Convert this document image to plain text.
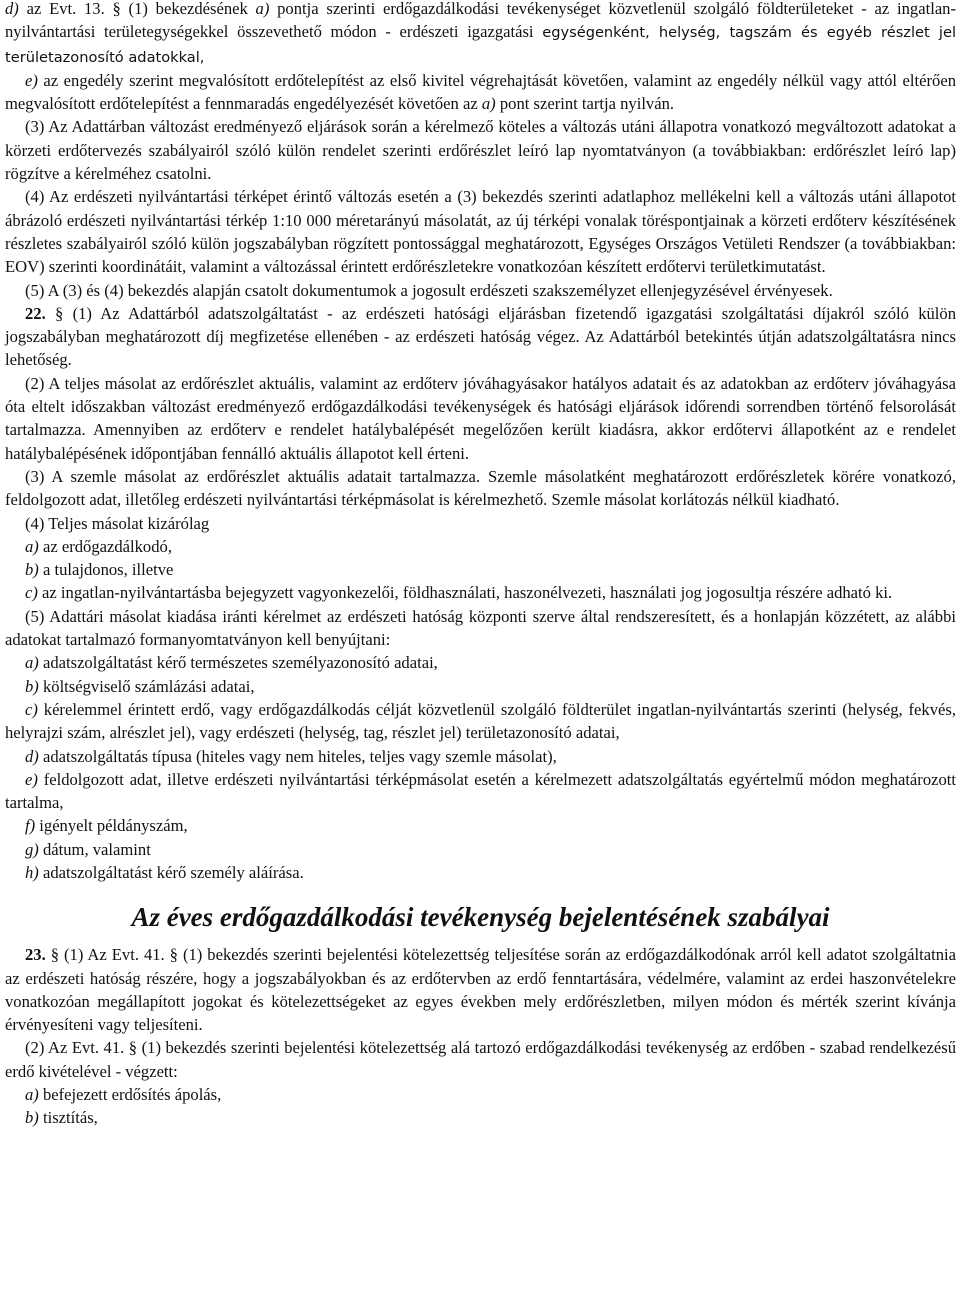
d) az Evt. 13. § (1) bekezdésének a) pontja szerinti erdőgazdálkodási tevékenységet közvetlenül szolgáló földterületeket - az ingatlan-nyilvántartási területegységekkel összevethető módon - erdészeti igazgatási egységenként, helység, tagszám és egyéb részlet jel területazonosító adatokkal,

e) az engedély szerint megvalósított erdőtelepítést az első kivitel végrehajtását követően, valamint az engedély nélkül vagy attól eltérően megvalósított erdőtelepítést a fennmaradás engedélyezését követően az a) pont szerint tartja nyilván.

(3) Az Adattárban változást eredményező eljárások során a kérelmező köteles a változás utáni állapotra vonatkozó megváltozott adatokat a körzeti erdőtervezés szabályairól szóló külön rendelet szerinti erdőrészlet leíró lap nyomtatványon (a továbbiakban: erdőrészlet leíró lap) rögzítve a kérelméhez csatolni.

(4) Az erdészeti nyilvántartási térképet érintő változás esetén a (3) bekezdés szerinti adatlaphoz mellékelni kell a változás utáni állapotot ábrázoló erdészeti nyilvántartási térkép 1:10 000 méretarányú másolatát, az új térképi vonalak töréspontjainak a körzeti erdőterv készítésének részletes szabályairól szóló külön jogszabályban rögzített pontossággal meghatározott, Egységes Országos Vetületi Rendszer (a továbbiakban: EOV) szerinti koordinátáit, valamint a változással érintett erdőrészletekre vonatkozóan készített erdőtervi területkimutatást.

(5) A (3) és (4) bekezdés alapján csatolt dokumentumok a jogosult erdészeti szakszemélyzet ellenjegyzésével érvényesek.

22. § (1) Az Adattárból adatszolgáltatást - az erdészeti hatósági eljárásban fizetendő igazgatási szolgáltatási díjakról szóló külön jogszabályban meghatározott díj megfizetése ellenében - az erdészeti hatóság végez. Az Adattárból betekintés útján adatszolgáltatásra nincs lehetőség.

(2) A teljes másolat az erdőrészlet aktuális, valamint az erdőterv jóváhagyásakor hatályos adatait és az adatokban az erdőterv jóváhagyása óta eltelt időszakban változást eredményező erdőgazdálkodási tevékenységek és hatósági eljárások időrendi sorrendben történő felsorolását tartalmazza. Amennyiben az erdőterv e rendelet hatálybalépését megelőzően került kiadásra, akkor erdőtervi állapotként az e rendelet hatálybalépésének időpontjában fennálló aktuális állapotot kell érteni.

(3) A szemle másolat az erdőrészlet aktuális adatait tartalmazza. Szemle másolatként meghatározott erdőrészletek körére vonatkozó, feldolgozott adat, illetőleg erdészeti nyilvántartási térképmásolat is kérelmezhető. Szemle másolat korlátozás nélkül kiadható.

(4) Teljes másolat kizárólag

a) az erdőgazdálkodó,

b) a tulajdonos, illetve

c) az ingatlan-nyilvántartásba bejegyzett vagyonkezelői, földhasználati, haszonélvezeti, használati jog jogosultja részére adható ki.

(5) Adattári másolat kiadása iránti kérelmet az erdészeti hatóság központi szerve által rendszeresített, és a honlapján közzétett, az alábbi adatokat tartalmazó formanyomtatványon kell benyújtani:

a) adatszolgáltatást kérő természetes személyazonosító adatai,

b) költségviselő számlázási adatai,

c) kérelemmel érintett erdő, vagy erdőgazdálkodás célját közvetlenül szolgáló földterület ingatlan-nyilvántartás szerinti (helység, fekvés, helyrajzi szám, alrészlet jel), vagy erdészeti (helység, tag, részlet jel) területazonosító adatai,

d) adatszolgáltatás típusa (hiteles vagy nem hiteles, teljes vagy szemle másolat),

e) feldolgozott adat, illetve erdészeti nyilvántartási térképmásolat esetén a kérelmezett adatszolgáltatás egyértelmű módon meghatározott tartalma,

f) igényelt példányszám,

g) dátum, valamint

h) adatszolgáltatást kérő személy aláírása.

Az éves erdőgazdálkodási tevékenység bejelentésének szabályai

23. § (1) Az Evt. 41. § (1) bekezdés szerinti bejelentési kötelezettség teljesítése során az erdőgazdálkodónak arról kell adatot szolgáltatnia az erdészeti hatóság részére, hogy a jogszabályokban és az erdőtervben az erdő fenntartására, védelmére, valamint az erdei haszonvételekre vonatkozóan megállapított jogokat és kötelezettségeket az egyes években mely erdőrészletben, milyen módon és mérték szerint kívánja érvényesíteni vagy teljesíteni.

(2) Az Evt. 41. § (1) bekezdés szerinti bejelentési kötelezettség alá tartozó erdőgazdálkodási tevékenység az erdőben - szabad rendelkezésű erdő kivételével - végzett:

a) befejezett erdősítés ápolás,

b) tisztítás,
